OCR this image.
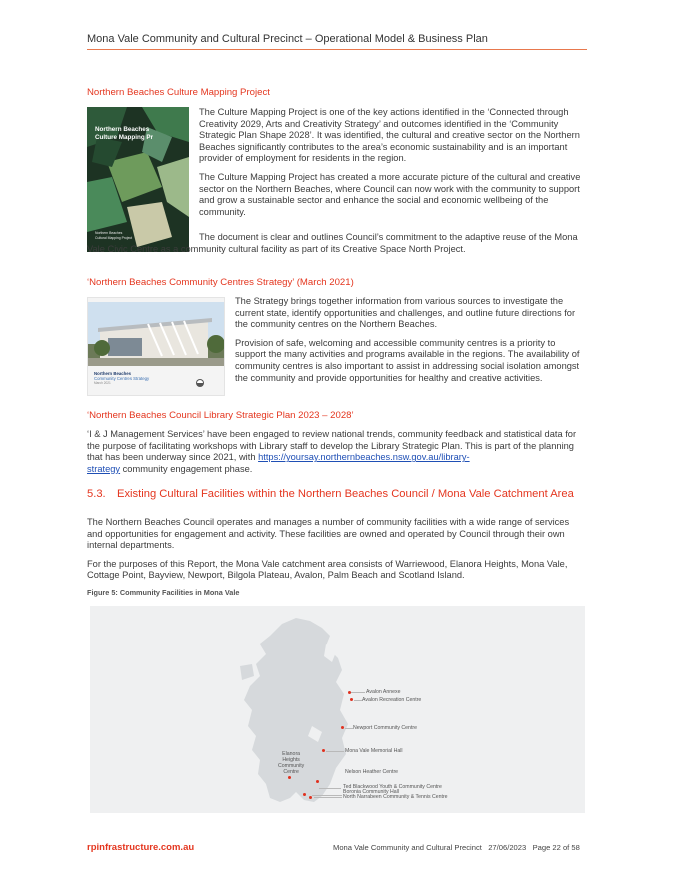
Mona Vale Community and Cultural Precinct – Operational Model & Business Plan
Northern Beaches Culture Mapping Project
Northern Beaches
Culture Mapping Pr
Northern Beaches
Cultural Mapping Project

The Culture Mapping Project is one of the key actions identified in the ‘Connected through Creativity 2029, Arts and Creativity Strategy’ and outcomes identified in the ‘Community Strategic Plan Shape 2028’. It was identified, the cultural and creative sector on the Northern Beaches significantly contributes to the area’s economic sustainability and is an important provider of employment for residents in the region.

The Culture Mapping Project has created a more accurate picture of the cultural and creative sector on the Northern Beaches, where Council can now work with the community to support and grow a sustainable sector and enhance the social and economic wellbeing of the community.

The document is clear and outlines Council’s commitment to the adaptive reuse of the Mona Vale Civic Centre as a community cultural facility as part of its Creative Space North Project.
‘Northern Beaches Community Centres Strategy’ (March 2021)
Northern Beaches
Community Centres Strategy
March 2021

The Strategy brings together information from various sources to investigate the current state, identify opportunities and challenges, and outline future directions for the community centres on the Northern Beaches.

Provision of safe, welcoming and accessible community centres is a priority to support the many activities and programs available in the regions. The availability of community centres is also important to assist in addressing social isolation amongst the community and provide opportunities for healthy and creative activities.

‘Northern Beaches Council Library Strategic Plan 2023 – 2028’
‘I & J Management Services’ have been engaged to review national trends, community feedback and statistical data for the purpose of facilitating workshops with Library staff to develop the Library Strategic Plan. This is part of the planning that has been underway since 2021, with https://yoursay.northernbeaches.nsw.gov.au/library-
strategy community engagement phase.
5.3.	Existing Cultural Facilities within the Northern Beaches Council / Mona Vale Catchment Area

The Northern Beaches Council operates and manages a number of community facilities with a wide range of services and opportunities for engagement and activity. These facilities are owned and operated by Council through their own internal departments.

For the purposes of this Report, the Mona Vale catchment area consists of Warriewood, Elanora Heights, Mona Vale, Cottage Point, Bayview, Newport, Bilgola Plateau, Avalon, Palm Beach and Scotland Island.

Figure 5: Community Facilities in Mona Vale
Avalon Annexe
Avalon Recreation Centre
Newport Community Centre
Mona Vale Memorial Hall
Nelson Heather Centre
Ted Blackwood Youth & Community Centre
Boronia Community Hall
North Narrabeen Community & Tennis Centre
Elanora
Heights
Community
Centre
rpinfrastructure.com.au	Mona Vale Community and Cultural Precinct 27/06/2023 Page 22 of 58
